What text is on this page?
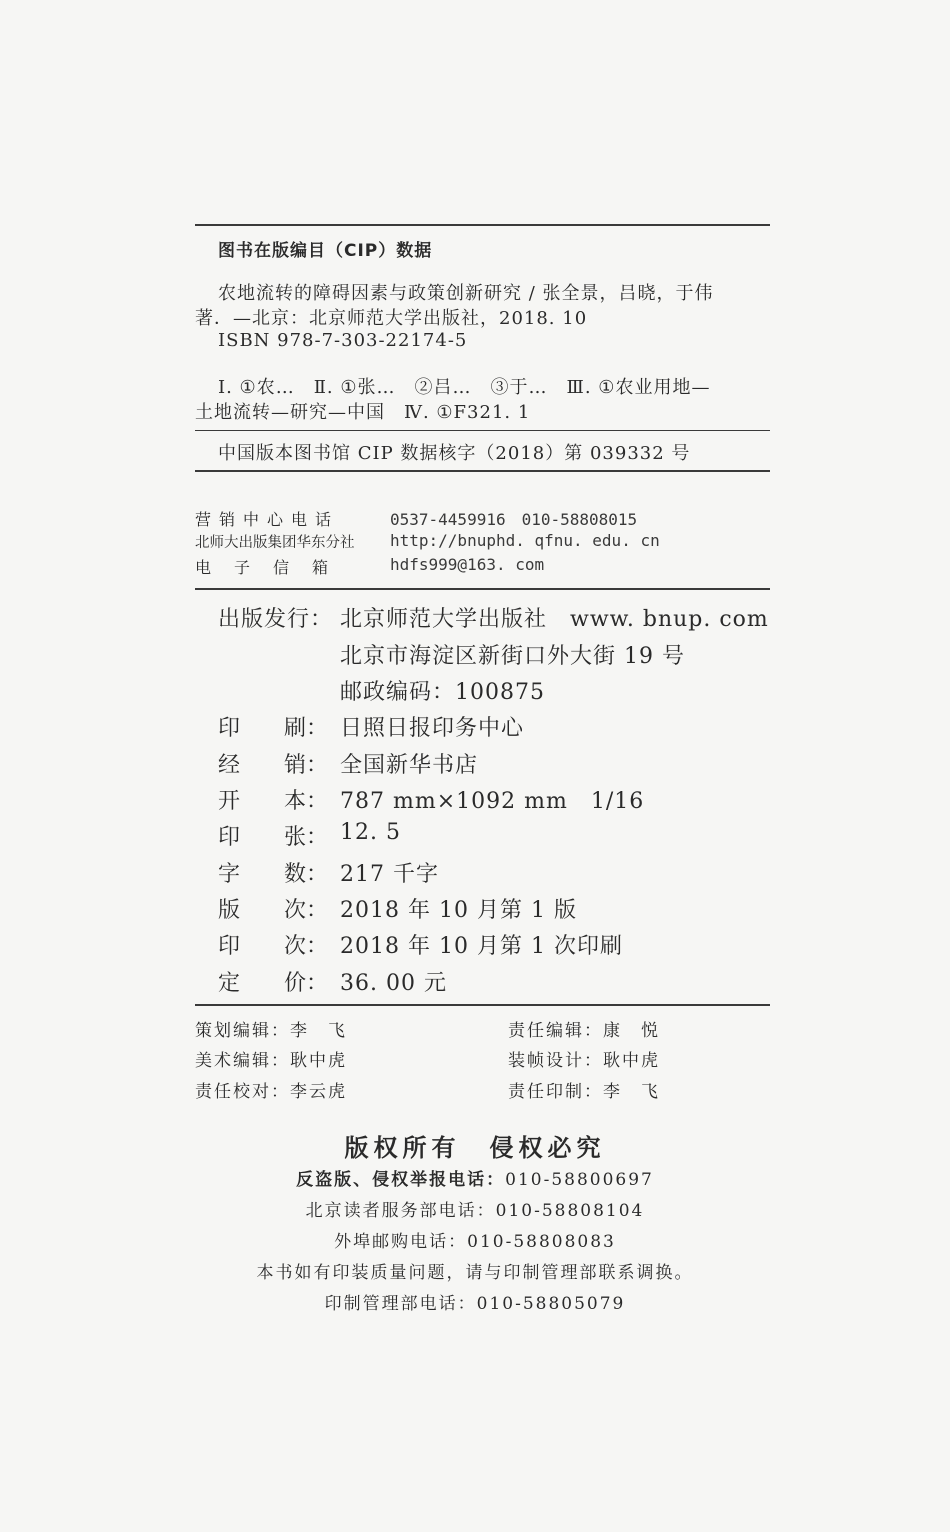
图书在版编目（CIP）数据
农地流转的障碍因素与政策创新研究 / 张全景，吕晓，于伟
著．—北京：北京师范大学出版社，2018. 10
ISBN 978-7-303-22174-5
Ⅰ. ①农…　Ⅱ. ①张…　②吕…　③于…　Ⅲ. ①农业用地—
土地流转—研究—中国　Ⅳ. ①F321. 1
中国版本图书馆 CIP 数据核字（2018）第 039332 号
营销中心电话	0537-4459916　010-58808015
北师大出版集团华东分社 http://bnuphd. qfnu. edu. cn
电子信箱 hdfs999@163. com
出版发行： 北京师范大学出版社　www. bnup. com
北京市海淀区新街口外大街 19 号
邮政编码：100875
印 刷： 日照日报印务中心
经 销： 全国新华书店
开 本： 787 mm×1092 mm　1/16
印 张： 12. 5
字 数： 217 千字
版 次： 2018 年 10 月第 1 版
印 次： 2018 年 10 月第 1 次印刷
定 价： 36. 00 元
策划编辑：李　飞	责任编辑：康　悦
美术编辑：耿中虎	装帧设计：耿中虎
责任校对：李云虎	责任印制：李　飞
版权所有　侵权必究
反盗版、侵权举报电话：010-58800697
北京读者服务部电话：010-58808104
外埠邮购电话：010-58808083
本书如有印装质量问题，请与印制管理部联系调换。
印制管理部电话：010-58805079
